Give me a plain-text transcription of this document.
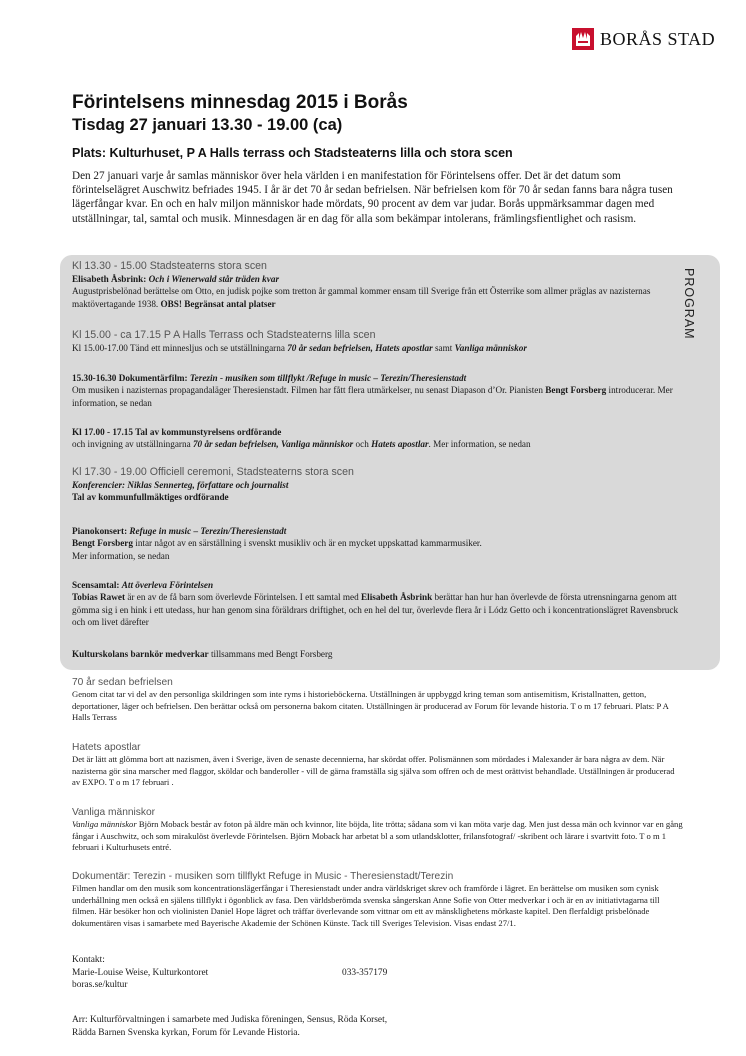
BORÅS STAD
Förintelsens minnesdag 2015 i Borås
Tisdag 27 januari 13.30 - 19.00 (ca)
Plats: Kulturhuset, P A Halls terrass och Stadsteaterns lilla och stora scen

Den 27 januari varje år samlas människor över hela världen i en manifestation för Förintelsens offer. Det är det datum som förintelselägret Auschwitz befriades 1945. I år är det 70 år sedan befrielsen. När befrielsen kom för 70 år sedan fanns bara några tusen lägerfångar kvar. En och en halv miljon människor hade mördats, 90 procent av dem var judar. Borås uppmärksammar dagen med utställningar, tal, samtal och musik. Minnesdagen är en dag för alla som bekämpar intolerans, främlingsfientlighet och rasism.

PROGRAM
Kl 13.30 - 15.00 Stadsteaterns stora scen
Elisabeth Åsbrink: Och i Wienerwald står träden kvar
Augustprisbelönad berättelse om Otto, en judisk pojke som tretton år gammal kommer ensam till Sverige från ett Österrike som allmer präglas av nazisternas maktövertagande 1938. OBS! Begränsat antal platser
Kl 15.00 - ca 17.15 P A Halls Terrass och Stadsteaterns lilla scen
Kl 15.00-17.00 Tänd ett minnesljus och se utställningarna 70 år sedan befrielsen, Hatets apostlar samt Vanliga människor
15.30-16.30 Dokumentärfilm: Terezin - musiken som tillflykt /Refuge in music – Terezin/Theresienstadt
Om musiken i nazisternas propagandaläger Theresienstadt. Filmen har fått flera utmärkelser, nu senast Diapason d’Or. Pianisten Bengt Forsberg introducerar. Mer information, se nedan
Kl 17.00 - 17.15 Tal av kommunstyrelsens ordförande
och invigning av utställningarna 70 år sedan befrielsen, Vanliga människor och Hatets apostlar. Mer information, se nedan
Kl 17.30 - 19.00 Officiell ceremoni, Stadsteaterns stora scen
Konferencier: Niklas Sennerteg, författare och journalist
Tal av kommunfullmäktiges ordförande
Pianokonsert: Refuge in music – Terezin/Theresienstadt
Bengt Forsberg intar något av en särställning i svenskt musikliv och är en mycket uppskattad kammarmusiker.
Mer information, se nedan
Scensamtal: Att överleva Förintelsen
Tobias Rawet är en av de få barn som överlevde Förintelsen. I ett samtal med Elisabeth Åsbrink berättar han hur han överlevde de första utrensningarna genom att gömma sig i en hink i ett utedass, hur han genom sina föräldrars driftighet, och en hel del tur, överlevde flera år i Lódz Getto och i koncentrationslägret Ravensbruck och om livet därefter
Kulturskolans barnkör medverkar tillsammans med Bengt Forsberg
70 år sedan befrielsen
Genom citat tar vi del av den personliga skildringen som inte ryms i historieböckerna. Utställningen är uppbyggd kring teman som antisemitism, Kristallnatten, getton, deportationer, läger och befrielsen. Den berättar också om personerna bakom citaten. Utställningen är producerad av Forum för levande historia. T o m 17 februari. Plats: P A Halls Terrass
Hatets apostlar
Det är lätt att glömma bort att nazismen, även i Sverige, även de senaste decennierna, har skördat offer. Polismännen som mördades i Malexander är bara några av dem. När nazisterna gör sina marscher med flaggor, sköldar och banderoller - vill de gärna framställa sig själva som offren och de mest orättvist behandlade. Utställningen är producerad av EXPO. T o m 17 februari .
Vanliga människor
Vanliga människor Björn Moback består av foton på äldre män och kvinnor, lite böjda, lite trötta; sådana som vi kan möta varje dag. Men just dessa män och kvinnor var en gång fångar i Auschwitz, och som mirakulöst överlevde Förintelsen. Björn Moback har arbetat bl a som utlandsklotter, frilansfotograf/ -skribent och lärare i svartvitt foto. T o m 1 februari i Kulturhusets entré.
Dokumentär: Terezin - musiken som tillflykt Refuge in Music - Theresienstadt/Terezin
Filmen handlar om den musik som koncentrationslägerfångar i Theresienstadt under andra världskriget skrev och framförde i lägret. En berättelse om musiken som cynisk underhållning men också en själens tillflykt i ögonblick av fasa. Den världsberömda svenska sångerskan Anne Sofie von Otter medverkar i och är en av initiativtagarna till filmen. Här besöker hon och violinisten Daniel Hope lägret och träffar överlevande som vittnar om ett av mänsklighetens mörkaste kapitel. Den flerfaldigt prisbelönade dokumentären visas i samarbete med Bayerische Akademie der Schönen Künste. Tack till Sveriges Television. Visas endast 27/1.
Kontakt:
Marie-Louise Weise, Kulturkontoret	033-357179
boras.se/kultur
Arr: Kulturförvaltningen i samarbete med Judiska föreningen, Sensus, Röda Korset,
Rädda Barnen Svenska kyrkan, Forum för Levande Historia.
